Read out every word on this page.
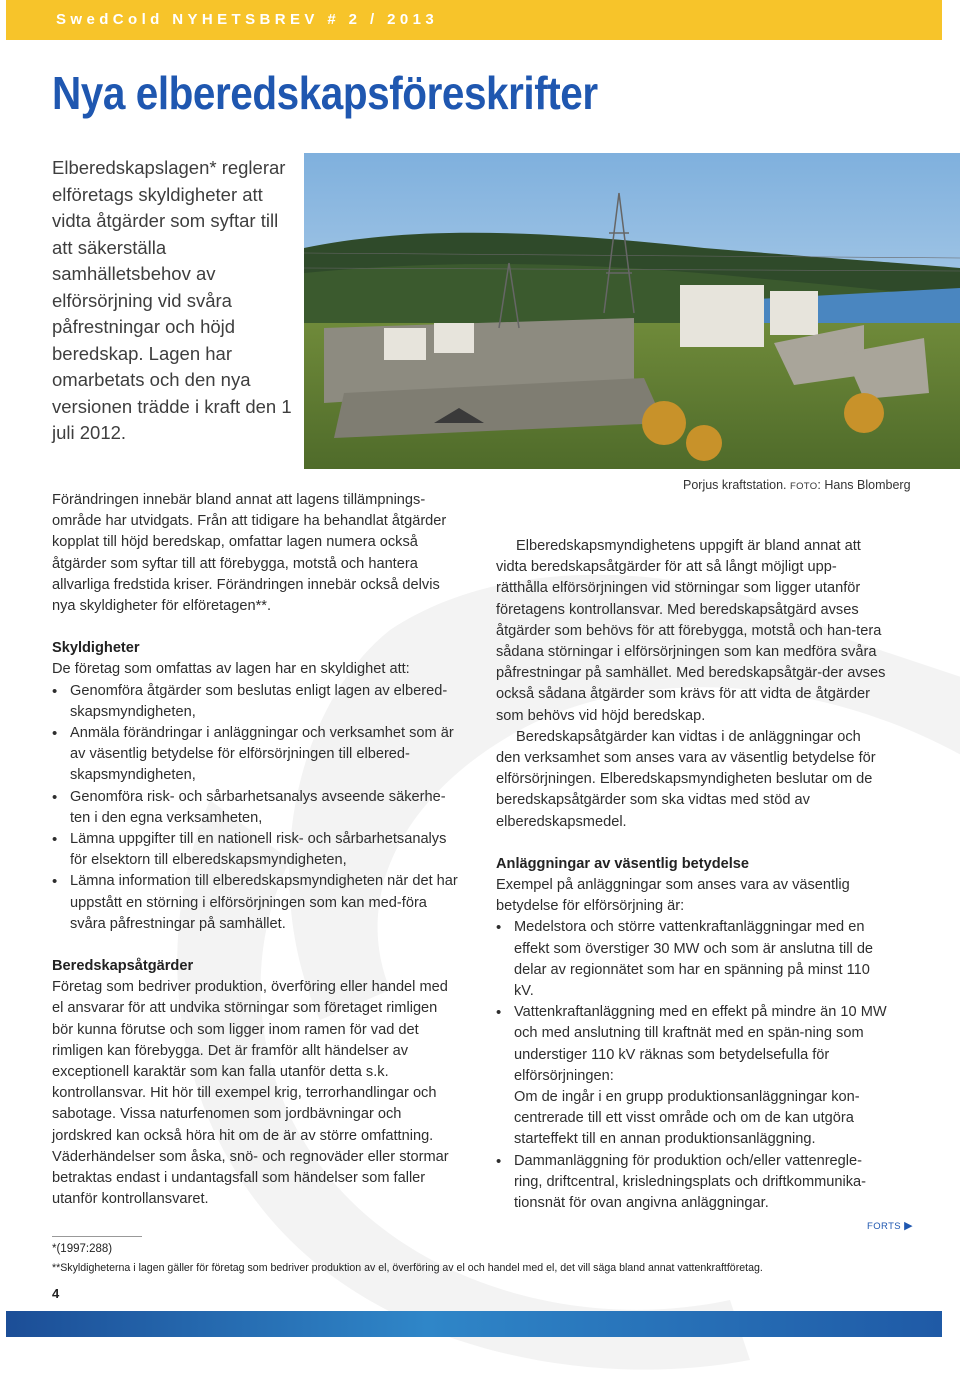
SwedCold NYHETSBREV # 2 / 2013
Nya elberedskapsföreskrifter

Elberedskapslagen* reglerar elföretags skyldigheter att vidta åtgärder som syftar till att säkerställa samhälletsbehov av elförsörjning vid svåra påfrestningar och höjd beredskap. Lagen har omarbetats och den nya versionen trädde i kraft den 1 juli 2012.

Porjus kraftstation. FOTO: Hans Blomberg

Förändringen innebär bland annat att lagens tillämpnings-område har utvidgats. Från att tidigare ha behandlat åtgärder kopplat till höjd beredskap, omfattar lagen numera också åtgärder som syftar till att förebygga, motstå och hantera allvarliga fredstida kriser. Förändringen innebär också delvis nya skyldigheter för elföretagen**.

Skyldigheter

De företag som omfattas av lagen har en skyldighet att:

• Genomföra åtgärder som beslutas enligt lagen av elbered-skapsmyndigheten,
• Anmäla förändringar i anläggningar och verksamhet som är av väsentlig betydelse för elförsörjningen till elbered-skapsmyndigheten,
• Genomföra risk- och sårbarhetsanalys avseende säkerhe-ten i den egna verksamheten,
• Lämna uppgifter till en nationell risk- och sårbarhetsanalys för elsektorn till elberedskapsmyndigheten,
• Lämna information till elberedskapsmyndigheten när det har uppstått en störning i elförsörjningen som kan med-föra svåra påfrestningar på samhället.

Beredskapsåtgärder

Företag som bedriver produktion, överföring eller handel med el ansvarar för att undvika störningar som företaget rimligen bör kunna förutse och som ligger inom ramen för vad det rimligen kan förebygga. Det är framför allt händelser av exceptionell karaktär som kan falla utanför detta s.k. kontrollansvar. Hit hör till exempel krig, terrorhandlingar och sabotage. Vissa naturfenomen som jordbävningar och jordskred kan också höra hit om de är av större omfattning. Väderhändelser som åska, snö- och regnoväder eller stormar betraktas endast i undantagsfall som händelser som faller utanför kontrollansvaret.

Elberedskapsmyndighetens uppgift är bland annat att vidta beredskapsåtgärder för att så långt möjligt upp-rätthålla elförsörjningen vid störningar som ligger utanför företagens kontrollansvar. Med beredskapsåtgärd avses åtgärder som behövs för att förebygga, motstå och han-tera sådana störningar i elförsörjningen som kan medföra svåra påfrestningar på samhället. Med beredskapsåtgär-der avses också sådana åtgärder som krävs för att vidta de åtgärder som behövs vid höjd beredskap.

Beredskapsåtgärder kan vidtas i de anläggningar och den verksamhet som anses vara av väsentlig betydelse för elförsörjningen. Elberedskapsmyndigheten beslutar om de beredskapsåtgärder som ska vidtas med stöd av elberedskapsmedel.

Anläggningar av väsentlig betydelse

Exempel på anläggningar som anses vara av väsentlig betydelse för elförsörjning är:

• Medelstora och större vattenkraftanläggningar med en effekt som överstiger 30 MW och som är anslutna till de delar av regionnätet som har en spänning på minst 110 kV.
• Vattenkraftanläggning med en effekt på mindre än 10 MW och med anslutning till kraftnät med en spän-ning som understiger 110 kV räknas som betydelsefulla för elförsörjningen:

Om de ingår i en grupp produktionsanläggningar kon-centrerade till ett visst område och om de kan utgöra starteffekt till en annan produktionsanläggning.

• Dammanläggning för produktion och/eller vattenregle-ring, driftcentral, krisledningsplats och driftkommunika-tionsnät för ovan angivna anläggningar.
FORTS ▶
*(1997:288)
**Skyldigheterna i lagen gäller för företag som bedriver produktion av el, överföring av el och handel med el, det vill säga bland annat vattenkraftföretag.
4
